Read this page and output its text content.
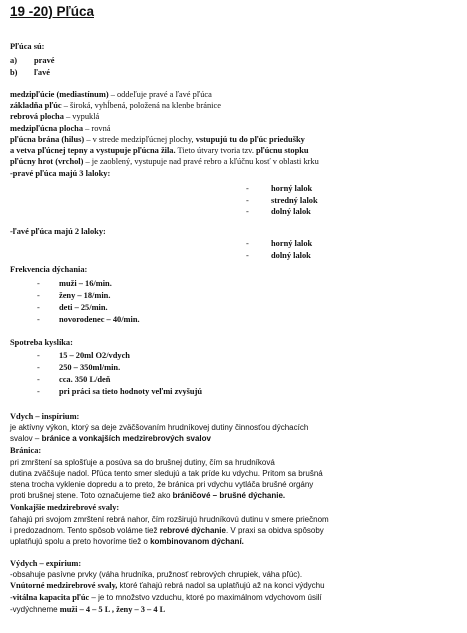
19 -20) Pľúca
Pľúca sú:
a) pravé
b) ľavé
medzipľúcie (mediastínum) – oddeľuje pravé a ľavé pľúca
základňa pľúc – široká, vyhĺbená, položená na klenbe bránice
rebrová plocha – vypuklá
medzipľúcna plocha – rovná
pľúcna brána (hilus) – v strede medzipľúcnej plochy, vstupujú tu do pľúc priedušky
a vetva pľúcnej tepny a vystupuje pľúcna žila. Tieto útvary tvoria tzv. pľúcnu stopku
pľúcny hrot (vrchol) – je zaoblený, vystupuje nad pravé rebro a kľúčnu kosť v oblasti krku
-pravé pľúca majú 3 laloky:
-	horný lalok
-	stredný lalok
-	dolný lalok
-ľavé pľúca majú 2 laloky:
-	horný lalok
-	dolný lalok
Frekvencia dýchania:
- muži – 16/min.
- ženy – 18/min.
- deti – 25/min.
- novorodenec – 40/min.
Spotreba kyslíka:
- 15 – 20ml O2/vdych
- 250 – 350ml/min.
- cca. 350 L/deň
- pri práci sa tieto hodnoty veľmi zvyšujú
Vdych – inspírium:
je aktívny výkon, ktorý sa deje zväčšovaním hrudníkovej dutiny činnosťou dýchacích
svalov – bránice a vonkajších medzirebrových svalov
Bránica:
pri zmrštení sa splošťuje a posúva sa do brušnej dutiny, čím sa hrudníková
dutina zväčšuje nadol. Pľúca tento smer sledujú a tak príde ku vdychu. Pritom sa brušná
stena trocha vyklenie dopredu a to preto, že bránica pri vdychu vytláča brušné orgány
proti brušnej stene. Toto označujeme tiež ako bráničové – brušné dýchanie.
Vonkajšie medzirebrové svaly:
ťahajú pri svojom zmrštení rebrá nahor, čím rozširujú hrudníkovú dutinu v smere priečnom
i predozadnom. Tento spôsob voláme tiež rebrové dýchanie. V praxi sa obidva spôsoby
uplatňujú spolu a preto hovoríme tiež o kombinovanom dýchaní.
Výdych – expírium:
-obsahuje pasívne prvky (váha hrudníka, pružnosť rebrových chrupiek, váha pľúc).
Vnútorné medzirebrové svaly, ktoré ťahajú rebrá nadol sa uplatňujú až na konci výdychu
-vitálna kapacita pľúc – je to množstvo vzduchu, ktoré po maximálnom vdychovom úsilí
-vydýchneme muži – 4 – 5 L , ženy – 3 – 4 L
